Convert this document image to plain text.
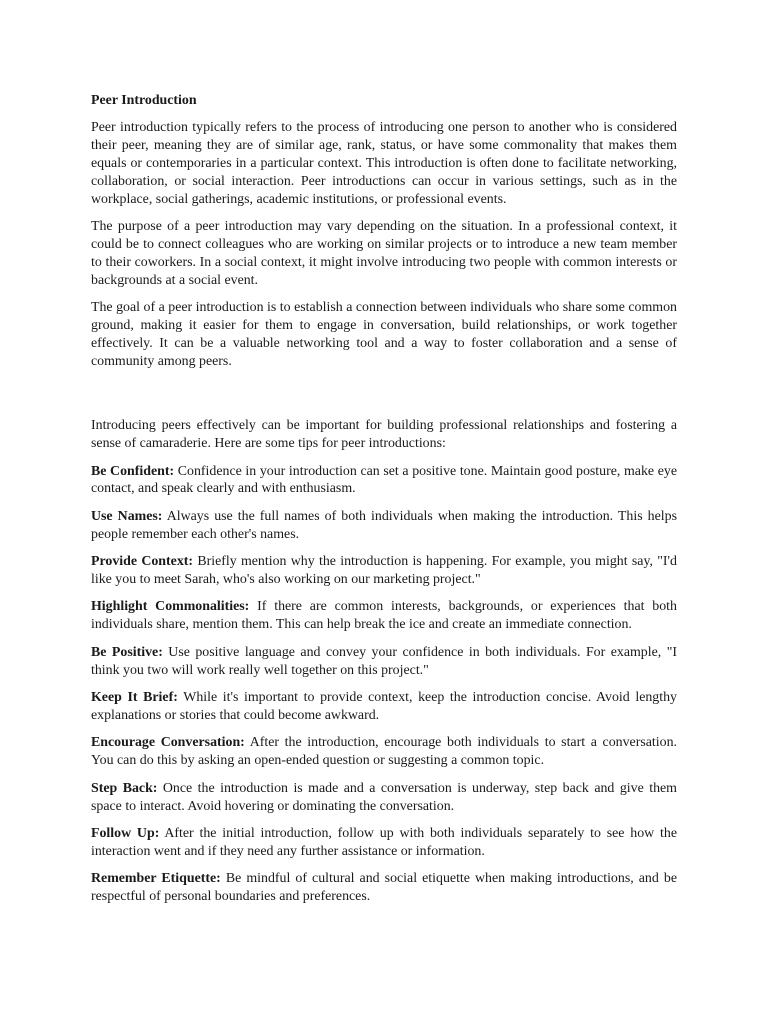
Peer Introduction

Peer introduction typically refers to the process of introducing one person to another who is considered their peer, meaning they are of similar age, rank, status, or have some commonality that makes them equals or contemporaries in a particular context. This introduction is often done to facilitate networking, collaboration, or social interaction. Peer introductions can occur in various settings, such as in the workplace, social gatherings, academic institutions, or professional events.

The purpose of a peer introduction may vary depending on the situation. In a professional context, it could be to connect colleagues who are working on similar projects or to introduce a new team member to their coworkers. In a social context, it might involve introducing two people with common interests or backgrounds at a social event.

The goal of a peer introduction is to establish a connection between individuals who share some common ground, making it easier for them to engage in conversation, build relationships, or work together effectively. It can be a valuable networking tool and a way to foster collaboration and a sense of community among peers.

Introducing peers effectively can be important for building professional relationships and fostering a sense of camaraderie. Here are some tips for peer introductions:

Be Confident: Confidence in your introduction can set a positive tone. Maintain good posture, make eye contact, and speak clearly and with enthusiasm.

Use Names: Always use the full names of both individuals when making the introduction. This helps people remember each other's names.

Provide Context: Briefly mention why the introduction is happening. For example, you might say, "I'd like you to meet Sarah, who's also working on our marketing project."

Highlight Commonalities: If there are common interests, backgrounds, or experiences that both individuals share, mention them. This can help break the ice and create an immediate connection.

Be Positive: Use positive language and convey your confidence in both individuals. For example, "I think you two will work really well together on this project."

Keep It Brief: While it's important to provide context, keep the introduction concise. Avoid lengthy explanations or stories that could become awkward.

Encourage Conversation: After the introduction, encourage both individuals to start a conversation. You can do this by asking an open-ended question or suggesting a common topic.

Step Back: Once the introduction is made and a conversation is underway, step back and give them space to interact. Avoid hovering or dominating the conversation.

Follow Up: After the initial introduction, follow up with both individuals separately to see how the interaction went and if they need any further assistance or information.

Remember Etiquette: Be mindful of cultural and social etiquette when making introductions, and be respectful of personal boundaries and preferences.
